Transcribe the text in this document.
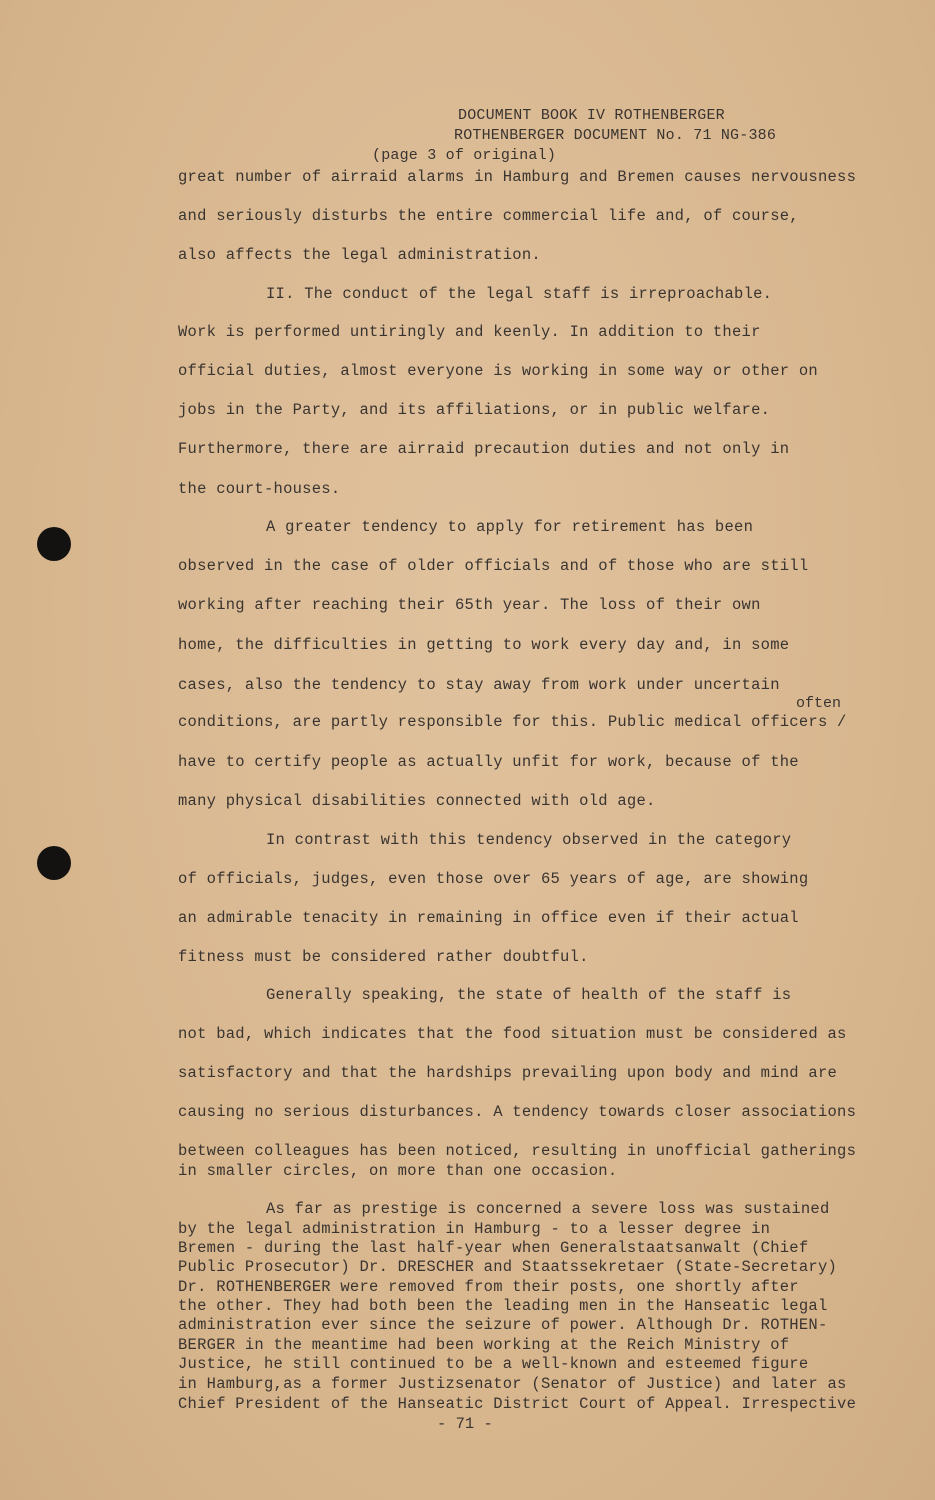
DOCUMENT BOOK IV ROTHENBERGER
ROTHENBERGER DOCUMENT No. 71 NG-386
(page 3 of original)
great number of airraid alarms in Hamburg and Bremen causes nervousness
and seriously disturbs the entire commercial life and, of course,
also affects the legal administration.
II. The conduct of the legal staff is irreproachable.
Work is performed untiringly and keenly. In addition to their
official duties, almost everyone is working in some way or other on
jobs in the Party, and its affiliations, or in public welfare.
Furthermore, there are airraid precaution duties and not only in
the court-houses.
A greater tendency to apply for retirement has been
observed in the case of older officials and of those who are still
working after reaching their 65th year. The loss of their own
home, the difficulties in getting to work every day and, in some
cases, also the tendency to stay away from work under uncertain
conditions, are partly responsible for this. Public medical officers /
have to certify people as actually unfit for work, because of the
many physical disabilities connected with old age.
In contrast with this tendency observed in the category
of officials, judges, even those over 65 years of age, are showing
an admirable tenacity in remaining in office even if their actual
fitness must be considered rather doubtful.
Generally speaking, the state of health of the staff is
not bad, which indicates that the food situation must be considered as
satisfactory and that the hardships prevailing upon body and mind are
causing no serious disturbances. A tendency towards closer associations
between colleagues has been noticed, resulting in unofficial gatherings
in smaller circles, on more than one occasion.
As far as prestige is concerned a severe loss was sustained
by the legal administration in Hamburg - to a lesser degree in
Bremen - during the last half-year when Generalstaatsanwalt (Chief
Public Prosecutor) Dr. DRESCHER and Staatssekretaer (State-Secretary)
Dr. ROTHENBERGER were removed from their posts, one shortly after
the other. They had both been the leading men in the Hanseatic legal
administration ever since the seizure of power. Although Dr. ROTHEN-
BERGER in the meantime had been working at the Reich Ministry of
Justice, he still continued to be a well-known and esteemed figure
in Hamburg,as a former Justizsenator (Senator of Justice) and later as
Chief President of the Hanseatic District Court of Appeal. Irrespective
often
- 71 -
